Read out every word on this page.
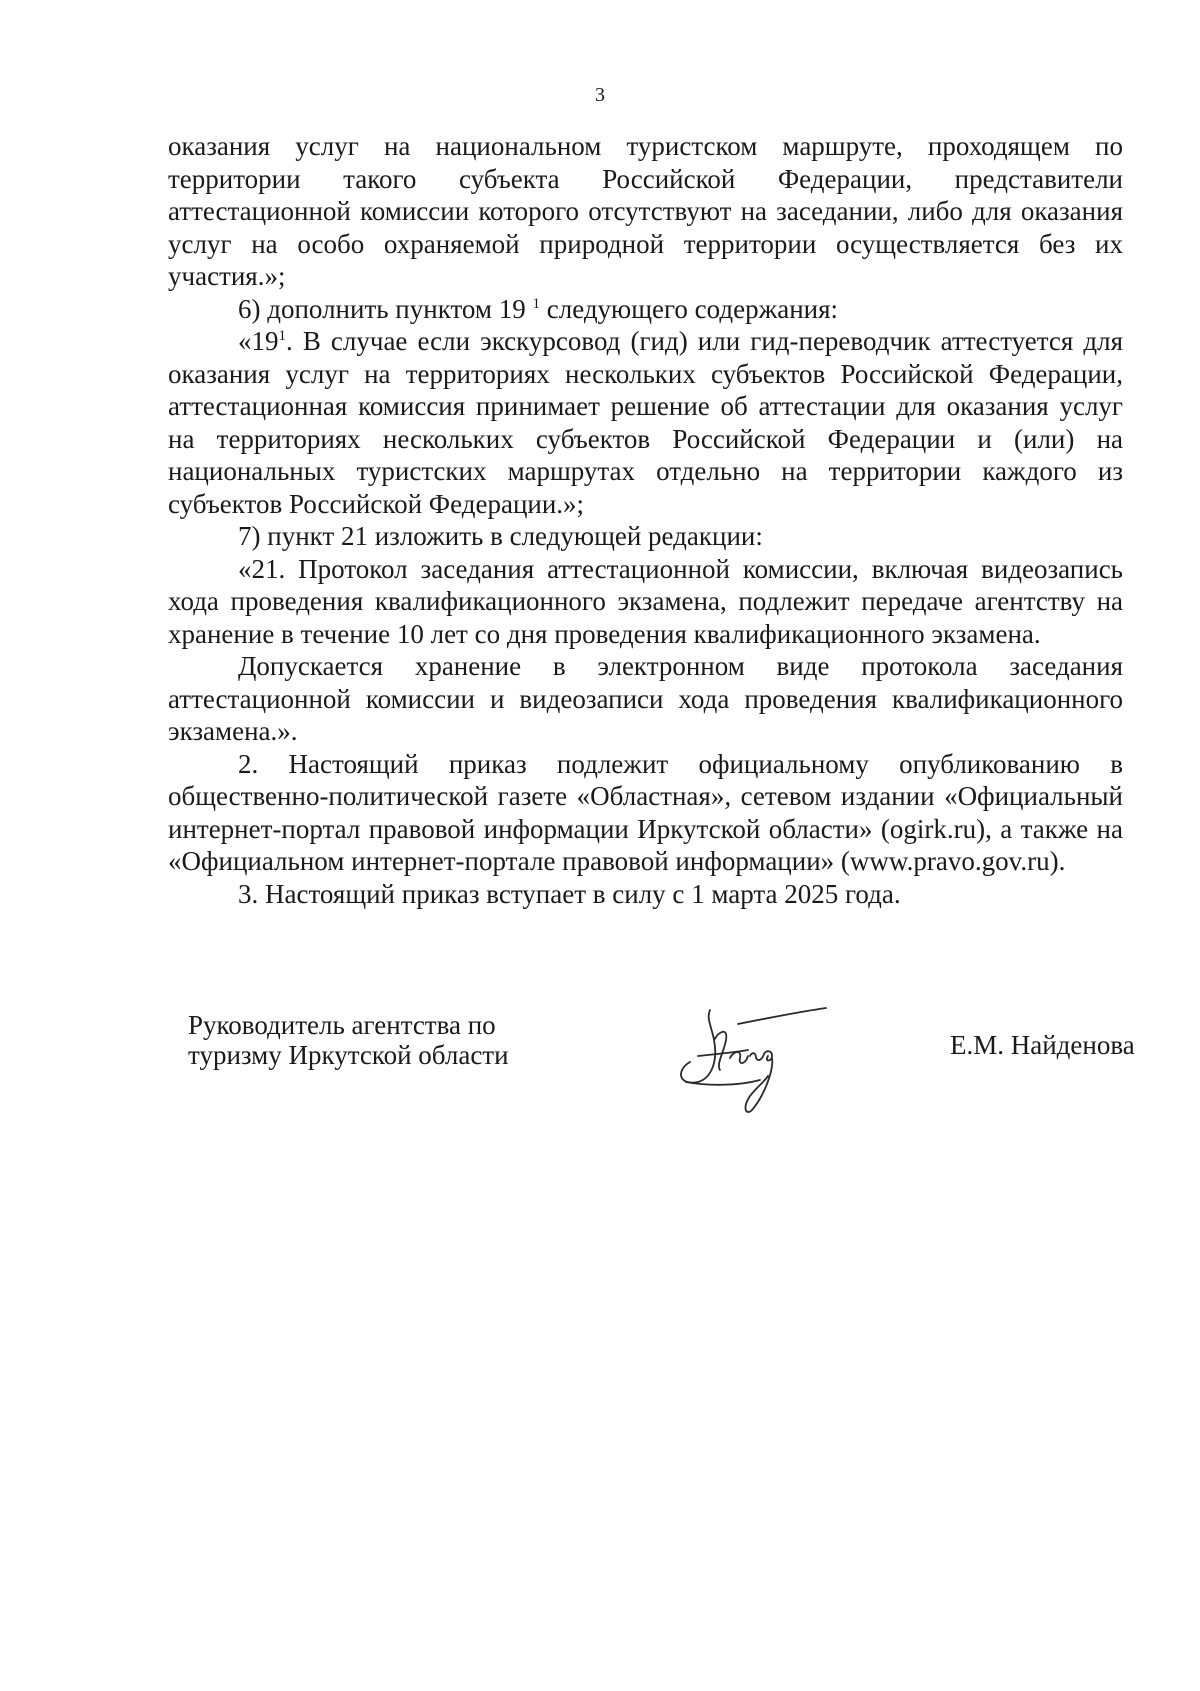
3

оказания услуг на национальном туристском маршруте, проходящем по территории такого субъекта Российской Федерации, представители аттестационной комиссии которого отсутствуют на заседании, либо для оказания услуг на особо охраняемой природной территории осуществляется без их участия.»;

6) дополнить пунктом 19 $^1$ следующего содержания:

«$19^1$. В случае если экскурсовод (гид) или гид-переводчик аттестуется для оказания услуг на территориях нескольких субъектов Российской Федерации, аттестационная комиссия принимает решение об аттестации для оказания услуг на территориях нескольких субъектов Российской Федерации и (или) на национальных туристских маршрутах отдельно на территории каждого из субъектов Российской Федерации.»;

7) пункт 21 изложить в следующей редакции:

«21. Протокол заседания аттестационной комиссии, включая видеозапись хода проведения квалификационного экзамена, подлежит передаче агентству на хранение в течение 10 лет со дня проведения квалификационного экзамена.

Допускается хранение в электронном виде протокола заседания аттестационной комиссии и видеозаписи хода проведения квалификационного экзамена.».

2. Настоящий приказ подлежит официальному опубликованию в общественно-политической газете «Областная», сетевом издании «Официальный интернет-портал правовой информации Иркутской области» (ogirk.ru), а также на «Официальном интернет-портале правовой информации» (www.pravo.gov.ru).

3. Настоящий приказ вступает в силу с 1 марта 2025 года.

Руководитель агентства по
туризму Иркутской области	Е.М. Найденова
